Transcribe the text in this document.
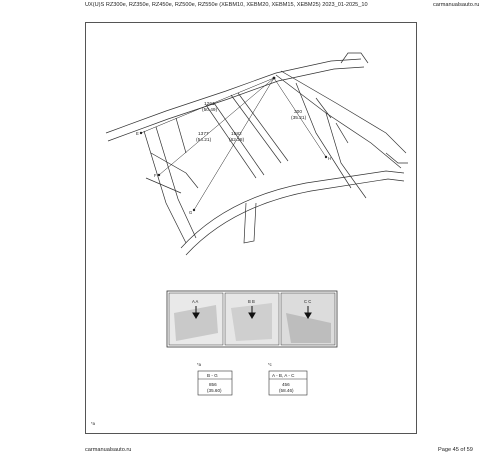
UX(U)S RZ300e, RZ350e, RZ450e, RZ500e, RZ550e (XEBM10, XEBM20, XEBM15, XEBM25) 2023_01-2025_10	carmanualsauto.ru
E
F
G
H
1261
(50.49)	300
(35.21)
1377
(54.21)
1582
(62.28)
A A	B B	C C
*a
B - G
856
(35.60)
*c
A - B, A - C
456
(58.46)
*a
carmanualsauto.ru	Page 45 of 59
